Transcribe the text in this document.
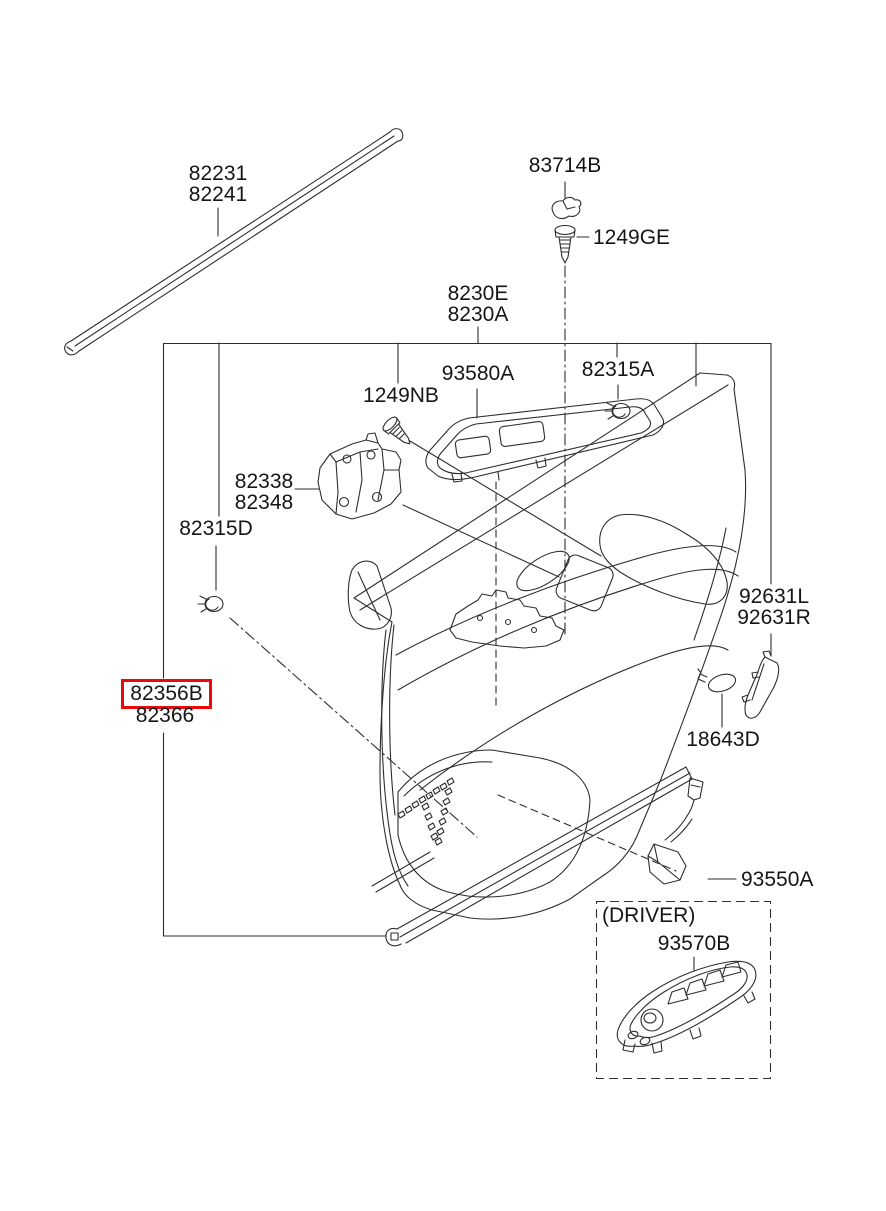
82231
82241
83714B
1249GE
8230E
8230A
93580A	82315A
1249NB
82338
82348
82315D
82356B
82366
92631L
92631R
18643D
93550A
(DRIVER)
93570B
